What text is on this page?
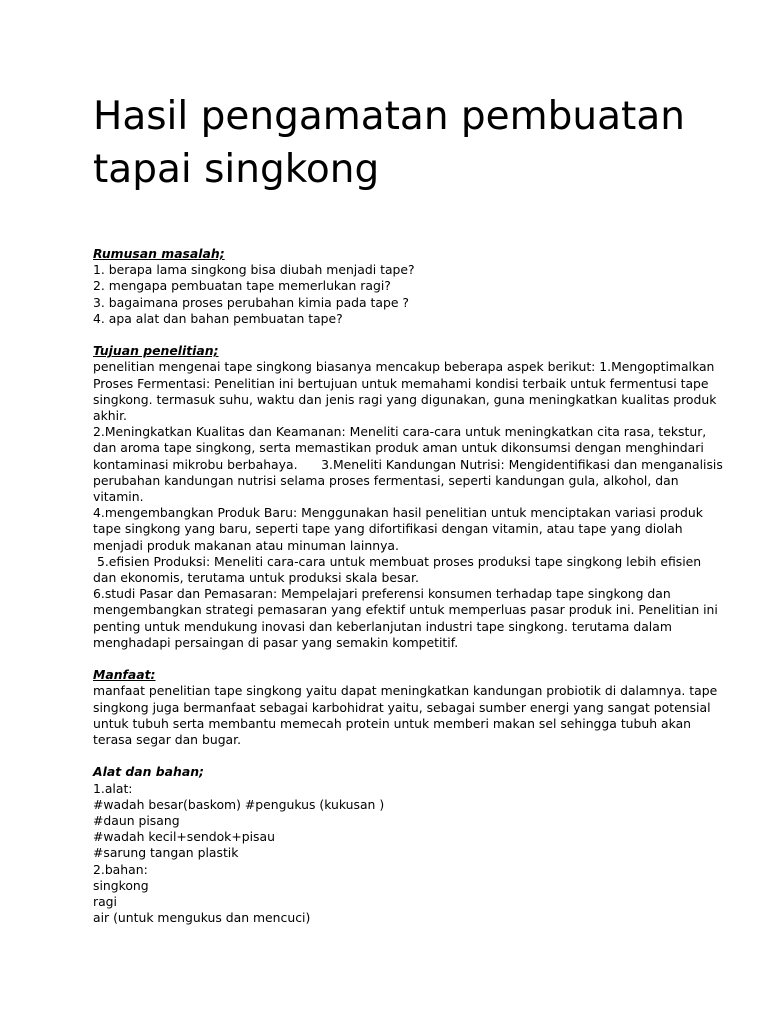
Hasil pengamatan pembuatan
tapai singkong
Rumusan masalah;
1. berapa lama singkong bisa diubah menjadi tape?
2. mengapa pembuatan tape memerlukan ragi?
3. bagaimana proses perubahan kimia pada tape ?
4. apa alat dan bahan pembuatan tape?
Tujuan penelitian;
penelitian mengenai tape singkong biasanya mencakup beberapa aspek berikut: 1.Mengoptimalkan
Proses Fermentasi: Penelitian ini bertujuan untuk memahami kondisi terbaik untuk fermentusi tape
singkong. termasuk suhu, waktu dan jenis ragi yang digunakan, guna meningkatkan kualitas produk
akhir.
2.Meningkatkan Kualitas dan Keamanan: Meneliti cara-cara untuk meningkatkan cita rasa, tekstur,
dan aroma tape singkong, serta memastikan produk aman untuk dikonsumsi dengan menghindari
kontaminasi mikrobu berbahaya.      3.Meneliti Kandungan Nutrisi: Mengidentifikasi dan menganalisis
perubahan kandungan nutrisi selama proses fermentasi, seperti kandungan gula, alkohol, dan
vitamin.
4.mengembangkan Produk Baru: Menggunakan hasil penelitian untuk menciptakan variasi produk
tape singkong yang baru, seperti tape yang difortifikasi dengan vitamin, atau tape yang diolah
menjadi produk makanan atau minuman lainnya.
5.efisien Produksi: Meneliti cara-cara untuk membuat proses produksi tape singkong lebih efisien
dan ekonomis, terutama untuk produksi skala besar.
6.studi Pasar dan Pemasaran: Mempelajari preferensi konsumen terhadap tape singkong dan
mengembangkan strategi pemasaran yang efektif untuk memperluas pasar produk ini. Penelitian ini
penting untuk mendukung inovasi dan keberlanjutan industri tape singkong. terutama dalam
menghadapi persaingan di pasar yang semakin kompetitif.
Manfaat:
manfaat penelitian tape singkong yaitu dapat meningkatkan kandungan probiotik di dalamnya. tape
singkong juga bermanfaat sebagai karbohidrat yaitu, sebagai sumber energi yang sangat potensial
untuk tubuh serta membantu memecah protein untuk memberi makan sel sehingga tubuh akan
terasa segar dan bugar.
Alat dan bahan;
1.alat:
#wadah besar(baskom) #pengukus (kukusan )
#daun pisang
#wadah kecil+sendok+pisau
#sarung tangan plastik
2.bahan:
singkong
ragi
air (untuk mengukus dan mencuci)
